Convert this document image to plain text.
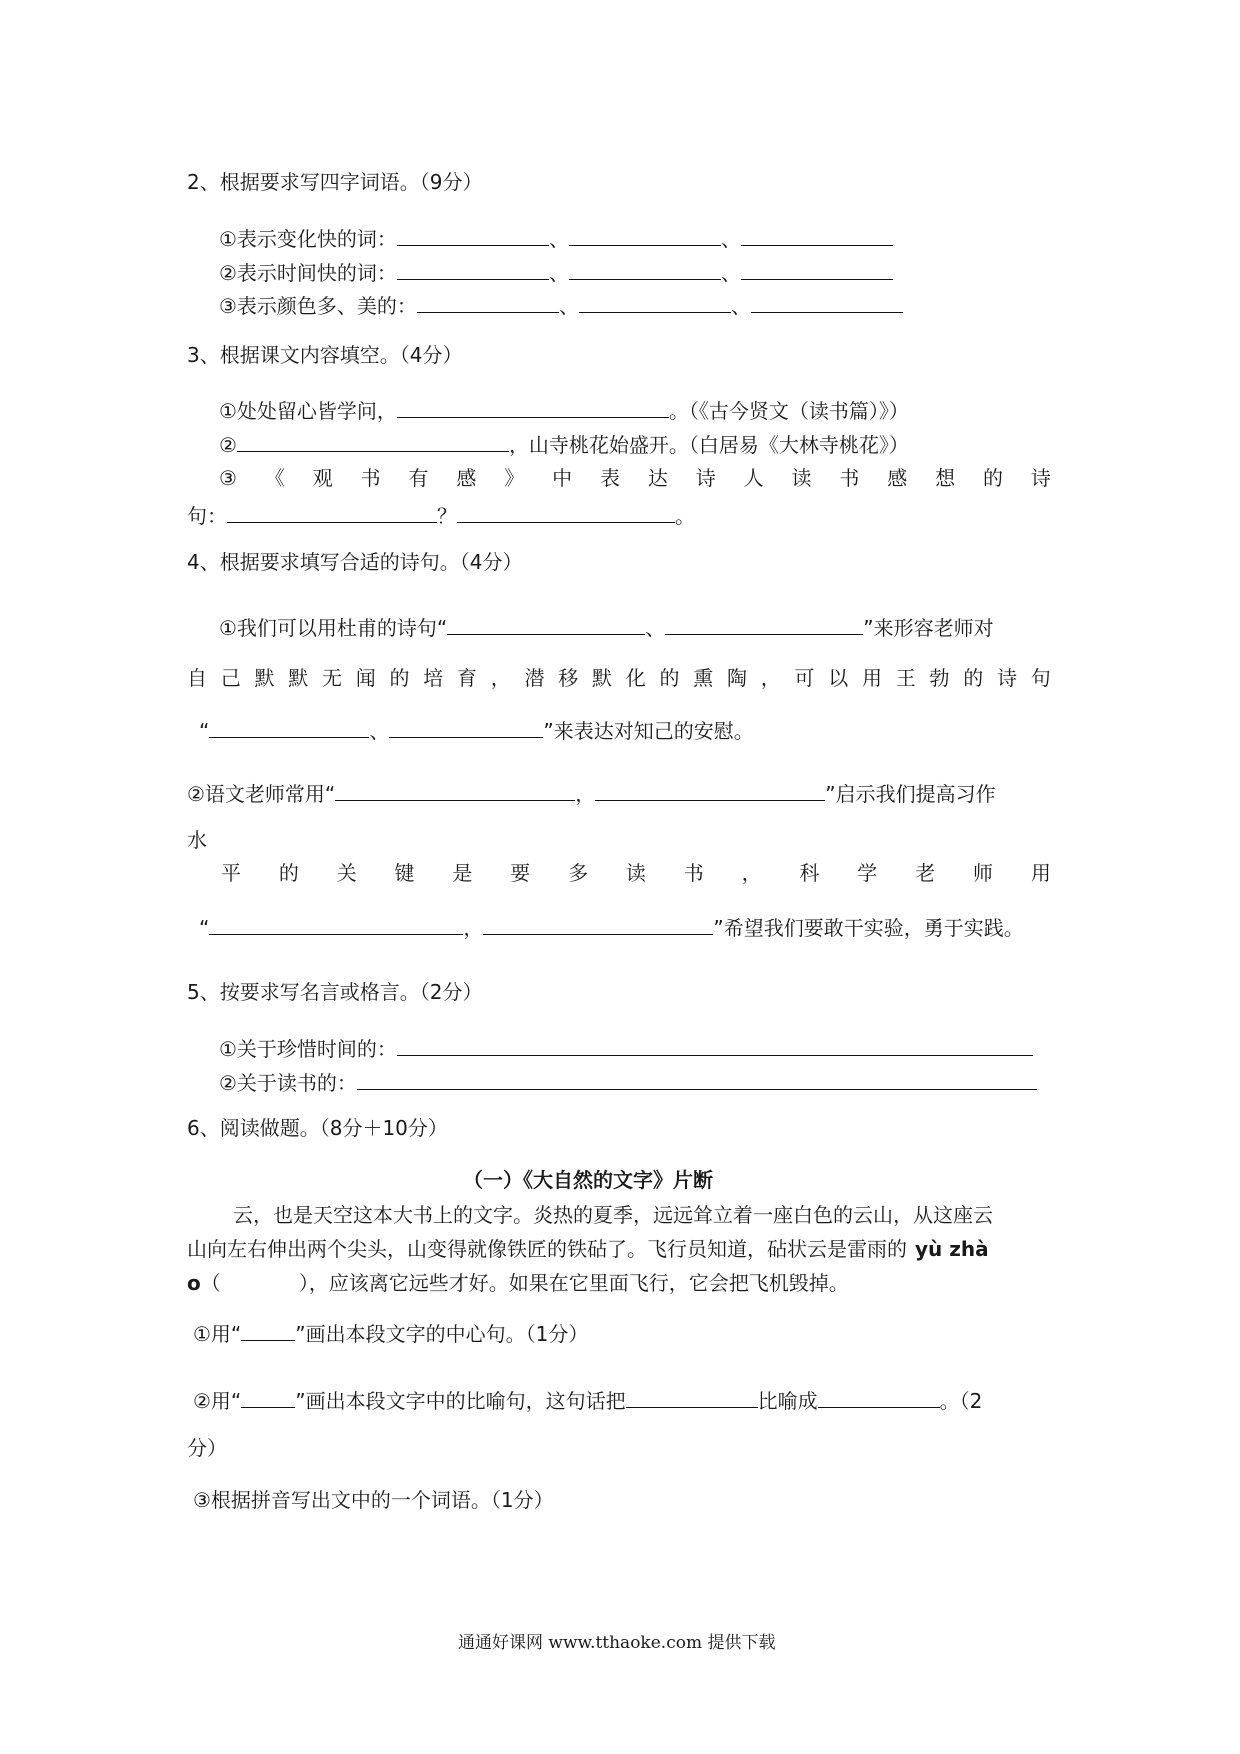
2、根据要求写四字词语。（9分）
①表示变化快的词：	、	、
②表示时间快的词：	、	、
③表示颜色多、美的：	、	、
3、根据课文内容填空。（4分）
①处处留心皆学问，	。（《古今贤文（读书篇）》）
②	，山寺桃花始盛开。（白居易《大林寺桃花》）
③ 《 观 书 有 感 》 中 表 达 诗 人 读 书 感 想 的 诗
句：	？	。
4、根据要求填写合适的诗句。（4分）
①我们可以用杜甫的诗句“	、	”来形容老师对
自 己 默 默 无 闻 的 培 育 ， 潜 移 默 化 的 熏 陶 ， 可 以 用 王 勃 的 诗 句
“	、	”来表达对知己的安慰。
②语文老师常用“	，	”启示我们提高习作
水
平 的 关 键 是 要 多 读 书 ， 科 学 老 师 用
“	，	”希望我们要敢干实验，勇于实践。
5、按要求写名言或格言。（2分）
①关于珍惜时间的：
②关于读书的：
6、阅读做题。（8分＋10分）
（一）《大自然的文字》片断
云，也是天空这本大书上的文字。炎热的夏季，远远耸立着一座白色的云山，从这座云
山向左右伸出两个尖头，山变得就像铁匠的铁砧了。飞行员知道，砧状云是雷雨的 yù zhà
o（	），应该离它远些才好。如果在它里面飞行，它会把飞机毁掉。
①用“	”画出本段文字的中心句。（1分）
②用“	”画出本段文字中的比喻句，这句话把	比喻成	。（2
分）
③根据拼音写出文中的一个词语。（1分）
通通好课网 www.tthaoke.com 提供下载
